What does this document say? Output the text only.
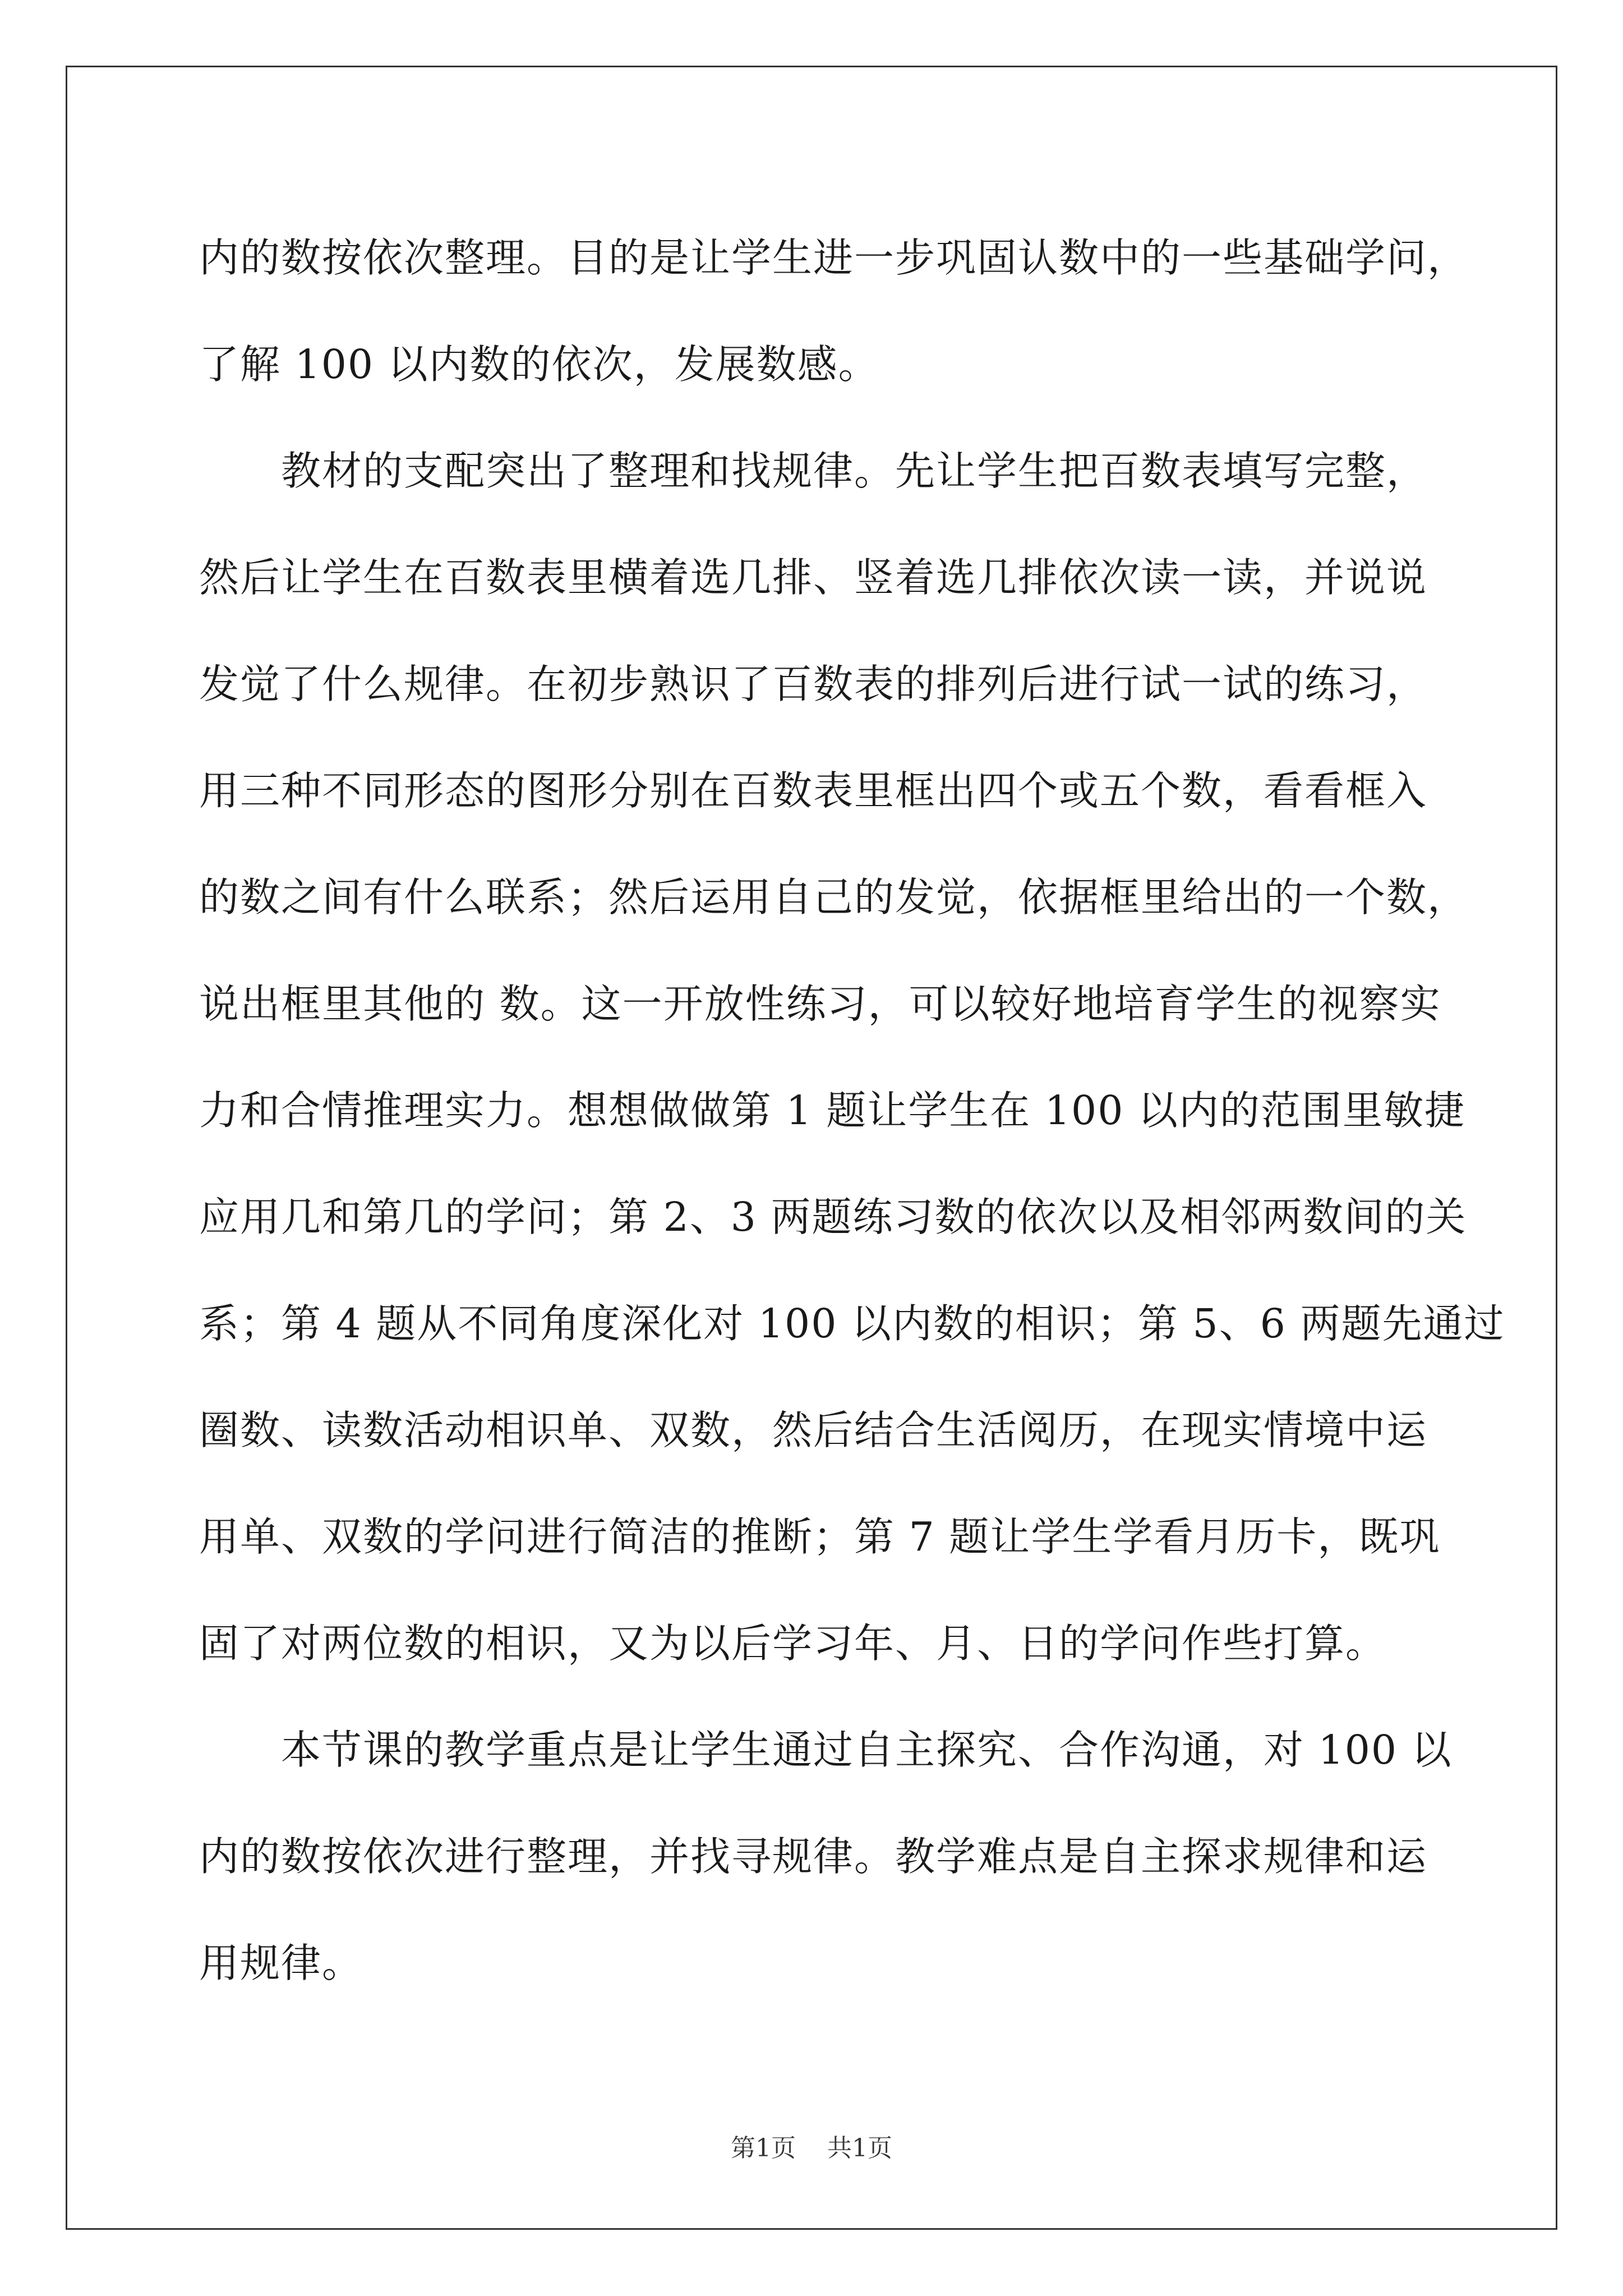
内的数按依次整理。目的是让学生进一步巩固认数中的一些基础学问，
了解 100 以内数的依次，发展数感。
　　教材的支配突出了整理和找规律。先让学生把百数表填写完整，
然后让学生在百数表里横着选几排、竖着选几排依次读一读，并说说
发觉了什么规律。在初步熟识了百数表的排列后进行试一试的练习，
用三种不同形态的图形分别在百数表里框出四个或五个数，看看框入
的数之间有什么联系；然后运用自己的发觉，依据框里给出的一个数，
说出框里其他的 数。这一开放性练习，可以较好地培育学生的视察实
力和合情推理实力。想想做做第 1 题让学生在 100 以内的范围里敏捷
应用几和第几的学问；第 2、3 两题练习数的依次以及相邻两数间的关
系；第 4 题从不同角度深化对 100 以内数的相识；第 5、6 两题先通过
圈数、读数活动相识单、双数，然后结合生活阅历，在现实情境中运
用单、双数的学问进行简洁的推断；第 7 题让学生学看月历卡，既巩
固了对两位数的相识，又为以后学习年、月、日的学问作些打算。
　　本节课的教学重点是让学生通过自主探究、合作沟通，对 100 以
内的数按依次进行整理，并找寻规律。教学难点是自主探求规律和运
用规律。
第1页 共1页
